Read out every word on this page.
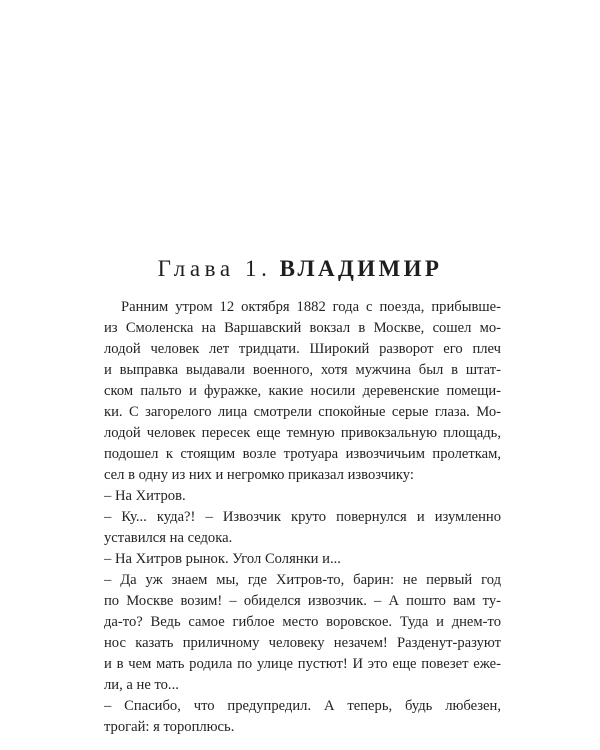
Глава 1. ВЛАДИМИР
Ранним утром 12 октября 1882 года с поезда, прибывше-
из Смоленска на Варшавский вокзал в Москве, сошел мо-
лодой человек лет тридцати. Широкий разворот его плеч
и выправка выдавали военного, хотя мужчина был в штат-
ском пальто и фуражке, какие носили деревенские помещи-
ки. С загорелого лица смотрели спокойные серые глаза. Мо-
лодой человек пересек еще темную привокзальную площадь,
подошел к стоящим возле тротуара извозчичьим пролеткам,
сел в одну из них и негромко приказал извозчику:
– На Хитров.
– Ку... куда?! – Извозчик круто повернулся и изумленно
уставился на седока.
– На Хитров рынок. Угол Солянки и...
– Да уж знаем мы, где Хитров-то, барин: не первый год
по Москве возим! – обиделся извозчик. – А пошто вам ту-
да-то? Ведь самое гиблое место воровское. Туда и днем-то
нос казать приличному человеку незачем! Разденут-разуют
и в чем мать родила по улице пустют! И это еще повезет еже-
ли, а не то...
– Спасибо, что предупредил. А теперь, будь любезен,
трогай: я тороплюсь.
